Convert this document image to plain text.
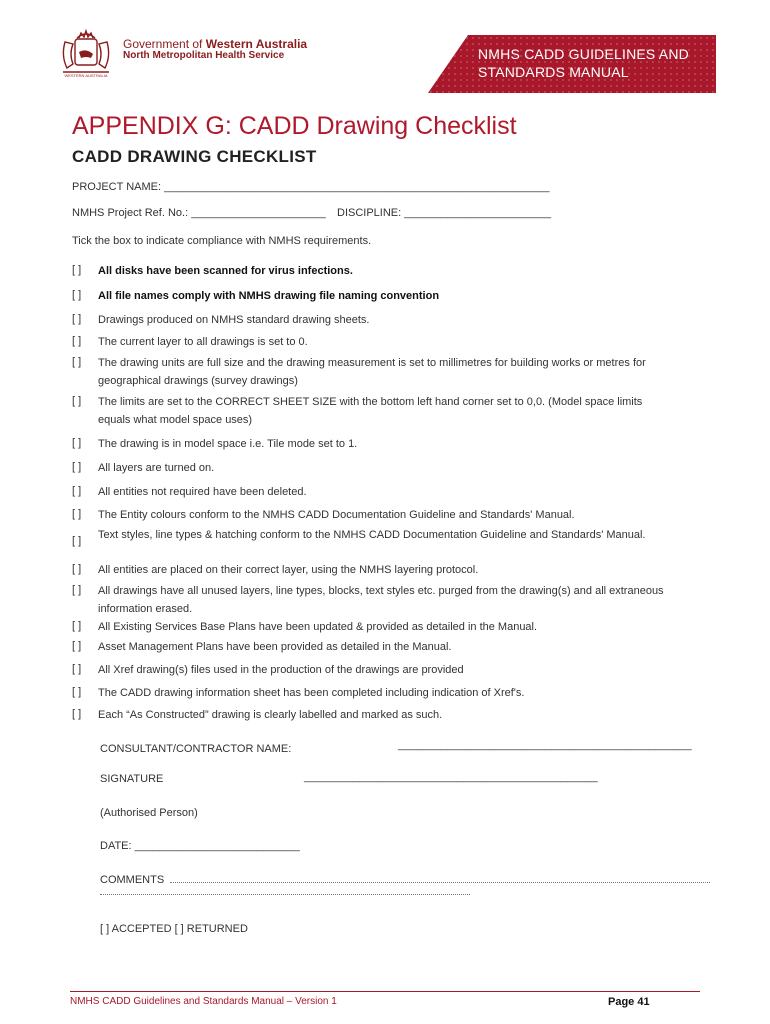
WESTERN AUSTRALIA
Government of Western Australia
North Metropolitan Health Service	NMHS CADD GUIDELINES AND STANDARDS MANUAL
APPENDIX G: CADD Drawing Checklist
CADD DRAWING CHECKLIST
PROJECT NAME: _______________________________________________________________
NMHS Project Ref. No.: ______________________ DISCIPLINE: ________________________
Tick the box to indicate compliance with NMHS requirements.
[ ] All disks have been scanned for virus infections.
[ ] All file names comply with NMHS drawing file naming convention
[ ] Drawings produced on NMHS standard drawing sheets.
[ ] The current layer to all drawings is set to 0.
[ ] The drawing units are full size and the drawing measurement is set to millimetres for building works or metres for geographical drawings (survey drawings)
[ ] The limits are set to the CORRECT SHEET SIZE with the bottom left hand corner set to 0,0. (Model space limits equals what model space uses)
[ ] The drawing is in model space i.e. Tile mode set to 1.
[ ] All layers are turned on.
[ ] All entities not required have been deleted.
[ ] The Entity colours conform to the NMHS CADD Documentation Guideline and Standards' Manual.
[ ] Text styles, line types & hatching conform to the NMHS CADD Documentation Guideline and Standards' Manual.
[ ] All entities are placed on their correct layer, using the NMHS layering protocol.
[ ] All drawings have all unused layers, line types, blocks, text styles etc. purged from the drawing(s) and all extraneous information erased.
[ ] All Existing Services Base Plans have been updated & provided as detailed in the Manual.
[ ] Asset Management Plans have been provided as detailed in the Manual.
[ ] All Xref drawing(s) files used in the production of the drawings are provided
[ ] The CADD drawing information sheet has been completed including indication of Xref's.
[ ] Each “As Constructed” drawing is clearly labelled and marked as such.
CONSULTANT/CONTRACTOR NAME:	________________________________________________
SIGNATURE	________________________________________________
(Authorised Person)
DATE: ___________________________
COMMENTS
[ ] ACCEPTED [ ] RETURNED
NMHS CADD Guidelines and Standards Manual – Version 1	Page 41
